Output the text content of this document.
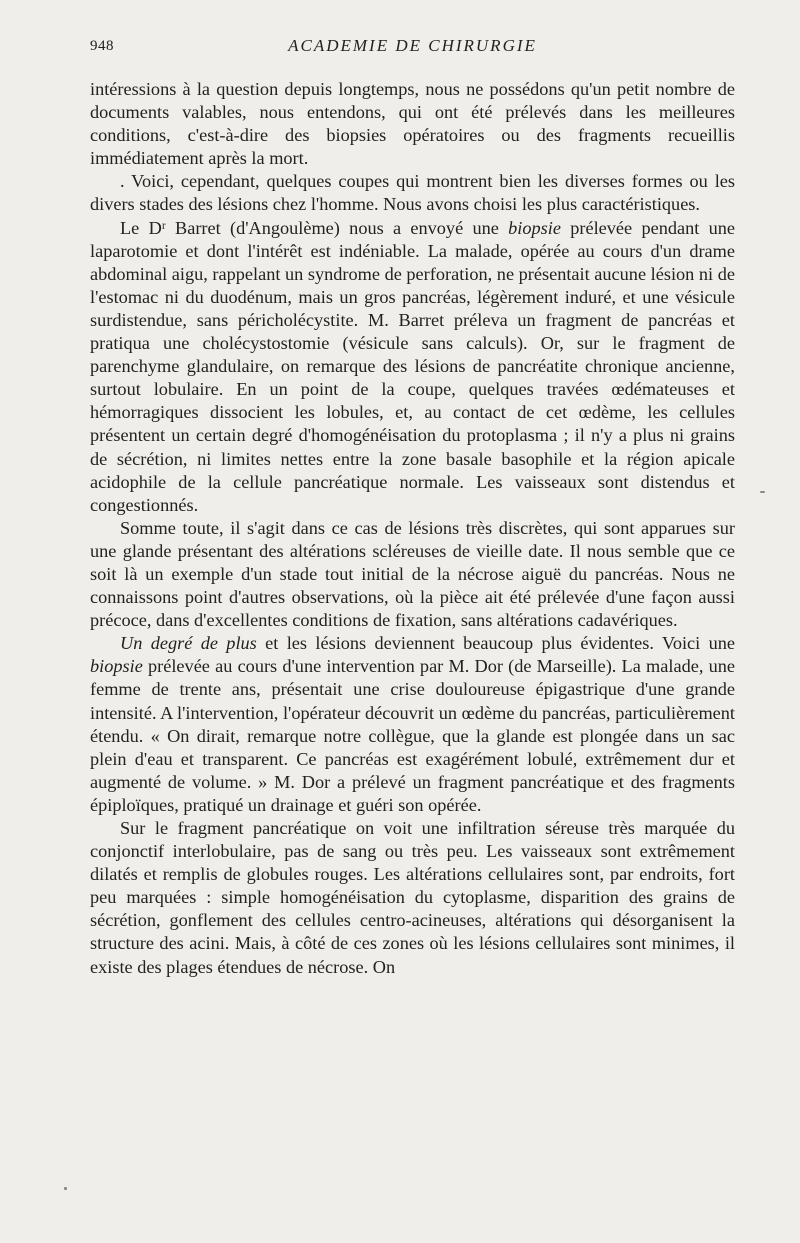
948	ACADEMIE DE CHIRURGIE

intéressions à la question depuis longtemps, nous ne possédons qu'un petit nombre de documents valables, nous entendons, qui ont été prélevés dans les meilleures conditions, c'est-à-dire des biopsies opératoires ou des fragments recueillis immédiatement après la mort.

. Voici, cependant, quelques coupes qui montrent bien les diverses formes ou les divers stades des lésions chez l'homme. Nous avons choisi les plus caractéristiques.

Le Dʳ Barret (d'Angoulème) nous a envoyé une biopsie prélevée pendant une laparotomie et dont l'intérêt est indéniable. La malade, opérée au cours d'un drame abdominal aigu, rappelant un syndrome de perforation, ne présentait aucune lésion ni de l'estomac ni du duodénum, mais un gros pancréas, légèrement induré, et une vésicule surdistendue, sans péricholécystite. M. Barret préleva un fragment de pancréas et pratiqua une cholécystostomie (vésicule sans calculs). Or, sur le fragment de parenchyme glandulaire, on remarque des lésions de pancréatite chronique ancienne, surtout lobulaire. En un point de la coupe, quelques travées œdémateuses et hémorragiques dissocient les lobules, et, au contact de cet œdème, les cellules présentent un certain degré d'homogénéisation du protoplasma ; il n'y a plus ni grains de sécrétion, ni limites nettes entre la zone basale basophile et la région apicale acidophile de la cellule pancréatique normale. Les vaisseaux sont distendus et congestionnés.

Somme toute, il s'agit dans ce cas de lésions très discrètes, qui sont apparues sur une glande présentant des altérations scléreuses de vieille date. Il nous semble que ce soit là un exemple d'un stade tout initial de la nécrose aiguë du pancréas. Nous ne connaissons point d'autres observations, où la pièce ait été prélevée d'une façon aussi précoce, dans d'excellentes conditions de fixation, sans altérations cadavériques.

Un degré de plus et les lésions deviennent beaucoup plus évidentes. Voici une biopsie prélevée au cours d'une intervention par M. Dor (de Marseille). La malade, une femme de trente ans, présentait une crise douloureuse épigastrique d'une grande intensité. A l'intervention, l'opérateur découvrit un œdème du pancréas, particulièrement étendu. « On dirait, remarque notre collègue, que la glande est plongée dans un sac plein d'eau et transparent. Ce pancréas est exagérément lobulé, extrêmement dur et augmenté de volume. » M. Dor a prélevé un fragment pancréatique et des fragments épiploïques, pratiqué un drainage et guéri son opérée.

Sur le fragment pancréatique on voit une infiltration séreuse très marquée du conjonctif interlobulaire, pas de sang ou très peu. Les vaisseaux sont extrêmement dilatés et remplis de globules rouges. Les altérations cellulaires sont, par endroits, fort peu marquées : simple homogénéisation du cytoplasme, disparition des grains de sécrétion, gonflement des cellules centro-acineuses, altérations qui désorganisent la structure des acini. Mais, à côté de ces zones où les lésions cellulaires sont minimes, il existe des plages étendues de nécrose. On
